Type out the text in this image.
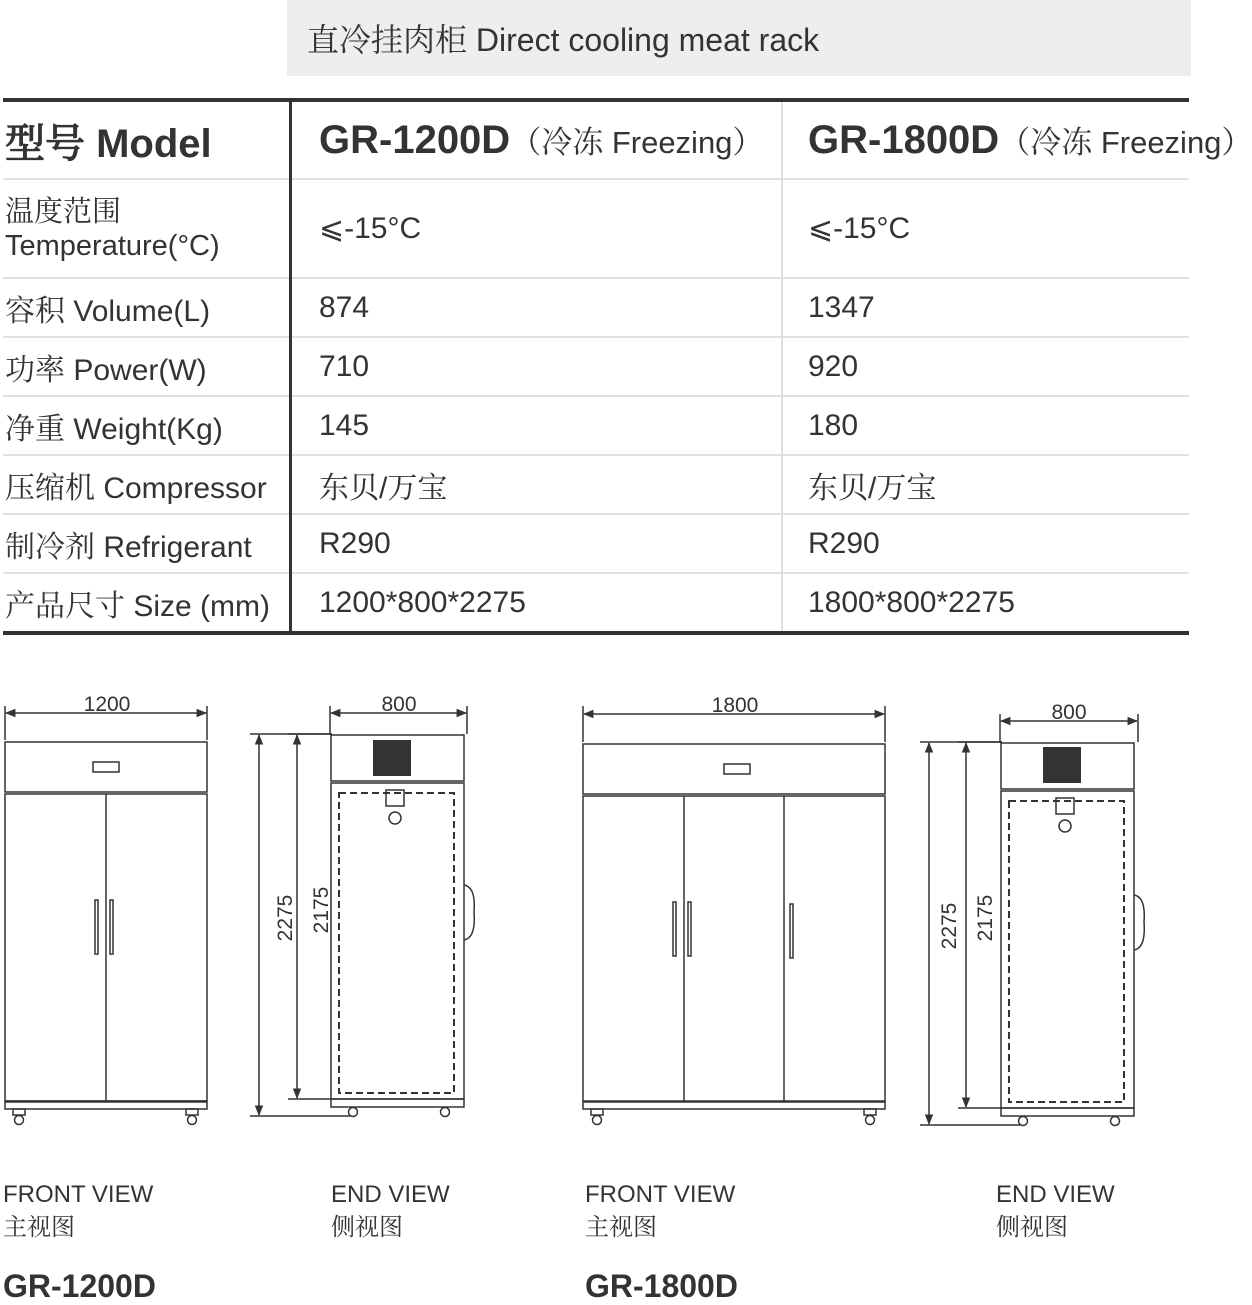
直冷挂肉柜 Direct cooling meat rack
型号 Model	GR-1200D（冷冻 Freezing）	GR-1800D（冷冻 Freezing）

温度范围
Temperature(°C)	⩽-15°C	⩽-15°C
容积 Volume(L)	874	1347
功率 Power(W)	710	920
净重 Weight(Kg)	145	180
压缩机 Compressor	东贝/万宝	东贝/万宝
制冷剂 Refrigerant	R290	R290
产品尺寸 Size (mm)	1200*800*2275	1800*800*2275
1200	800
2275 2175
1800	800
2275 2175
FRONT VIEW
主视图
END VIEW
侧视图
FRONT VIEW
主视图
END VIEW
侧视图
GR-1200D	GR-1800D
